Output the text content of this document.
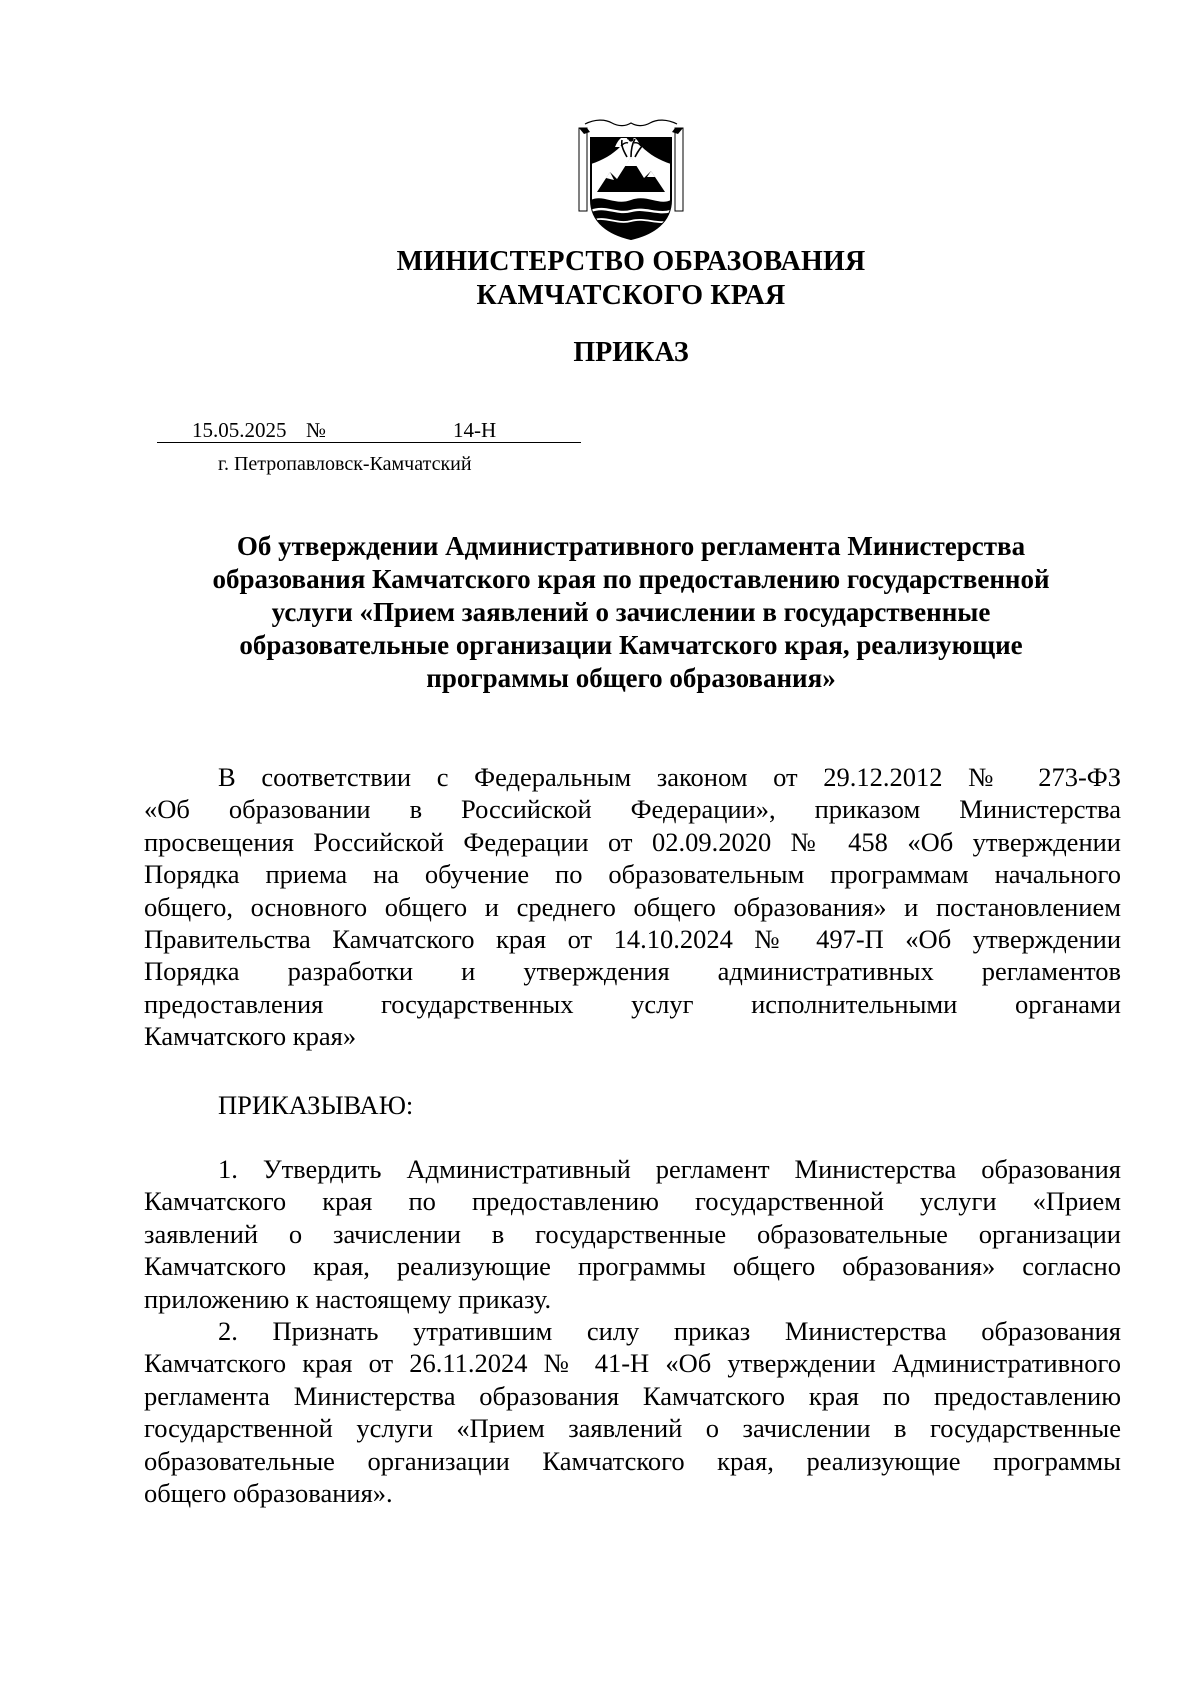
МИНИСТЕРСТВО ОБРАЗОВАНИЯ
КАМЧАТСКОГО КРАЯ
ПРИКАЗ
15.05.2025 №	14-Н
г. Петропавловск-Камчатский
Об утверждении Административного регламента Министерства
образования Камчатского края по предоставлению государственной
услуги «Прием заявлений о зачислении в государственные
образовательные организации Камчатского края, реализующие
программы общего образования»
В соответствии с Федеральным законом от 29.12.2012 № 273-ФЗ
«Об образовании в Российской Федерации», приказом Министерства
просвещения Российской Федерации от 02.09.2020 № 458 «Об утверждении
Порядка приема на обучение по образовательным программам начального
общего, основного общего и среднего общего образования» и постановлением
Правительства Камчатского края от 14.10.2024 № 497-П «Об утверждении
Порядка разработки и утверждения административных регламентов
предоставления государственных услуг исполнительными органами
Камчатского края»
ПРИКАЗЫВАЮ:
1. Утвердить Административный регламент Министерства образования
Камчатского края по предоставлению государственной услуги «Прием
заявлений о зачислении в государственные образовательные организации
Камчатского края, реализующие программы общего образования» согласно
приложению к настоящему приказу.
2. Признать утратившим силу приказ Министерства образования
Камчатского края от 26.11.2024 № 41-Н «Об утверждении Административного
регламента Министерства образования Камчатского края по предоставлению
государственной услуги «Прием заявлений о зачислении в государственные
образовательные организации Камчатского края, реализующие программы
общего образования».
